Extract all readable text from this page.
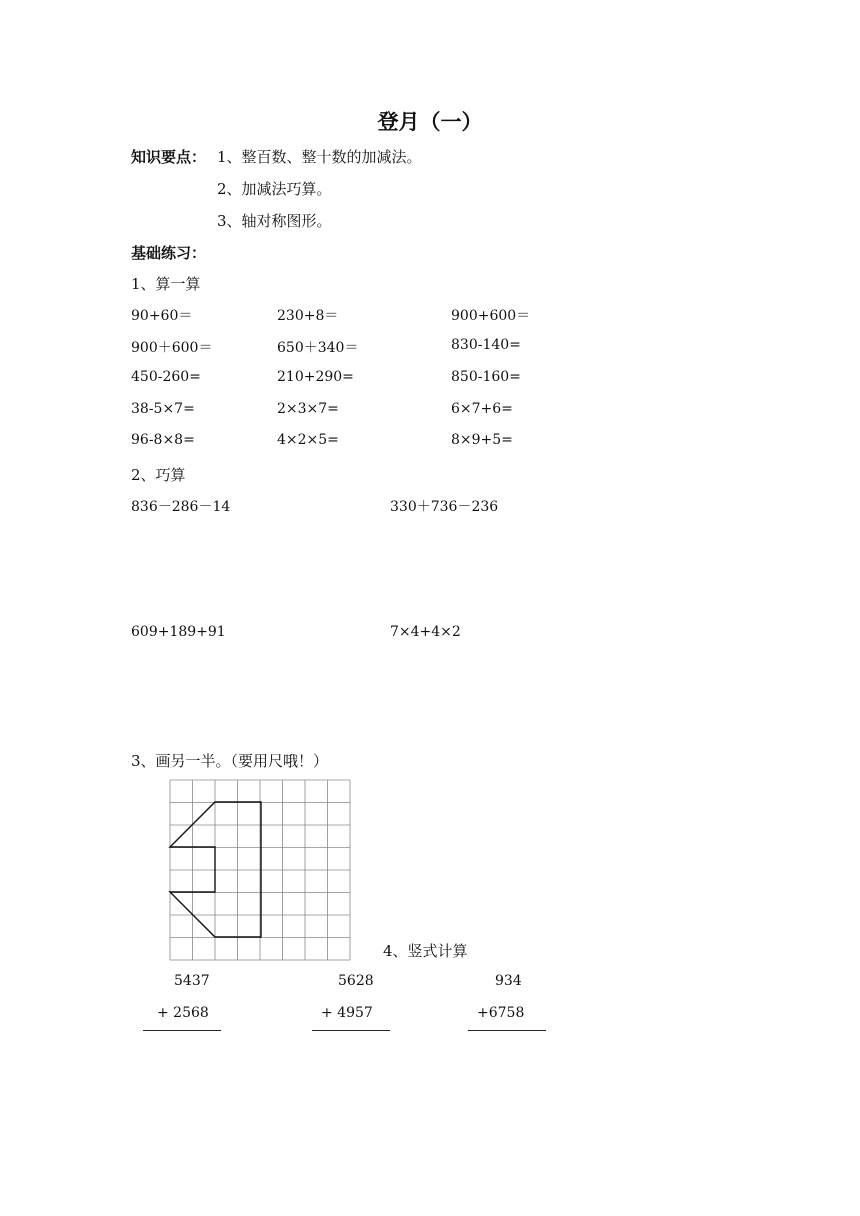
登月（一）
知识要点： 1、整百数、整十数的加减法。
2、加减法巧算。
3、轴对称图形。
基础练习：
1、算一算
90+60＝	230+8＝	900+600＝
900＋600＝	650＋340＝	830-140=
450-260=	210+290=	850-160=
38-5×7=	2×3×7=	6×7+6=
96-8×8=	4×2×5=	8×9+5=
2、巧算
836－286－14	330＋736－236
609+189+91	7×4+4×2
3、画另一半。（要用尺哦！）
4、竖式计算
5437
+ 2568
5628
+ 4957
934
+6758
